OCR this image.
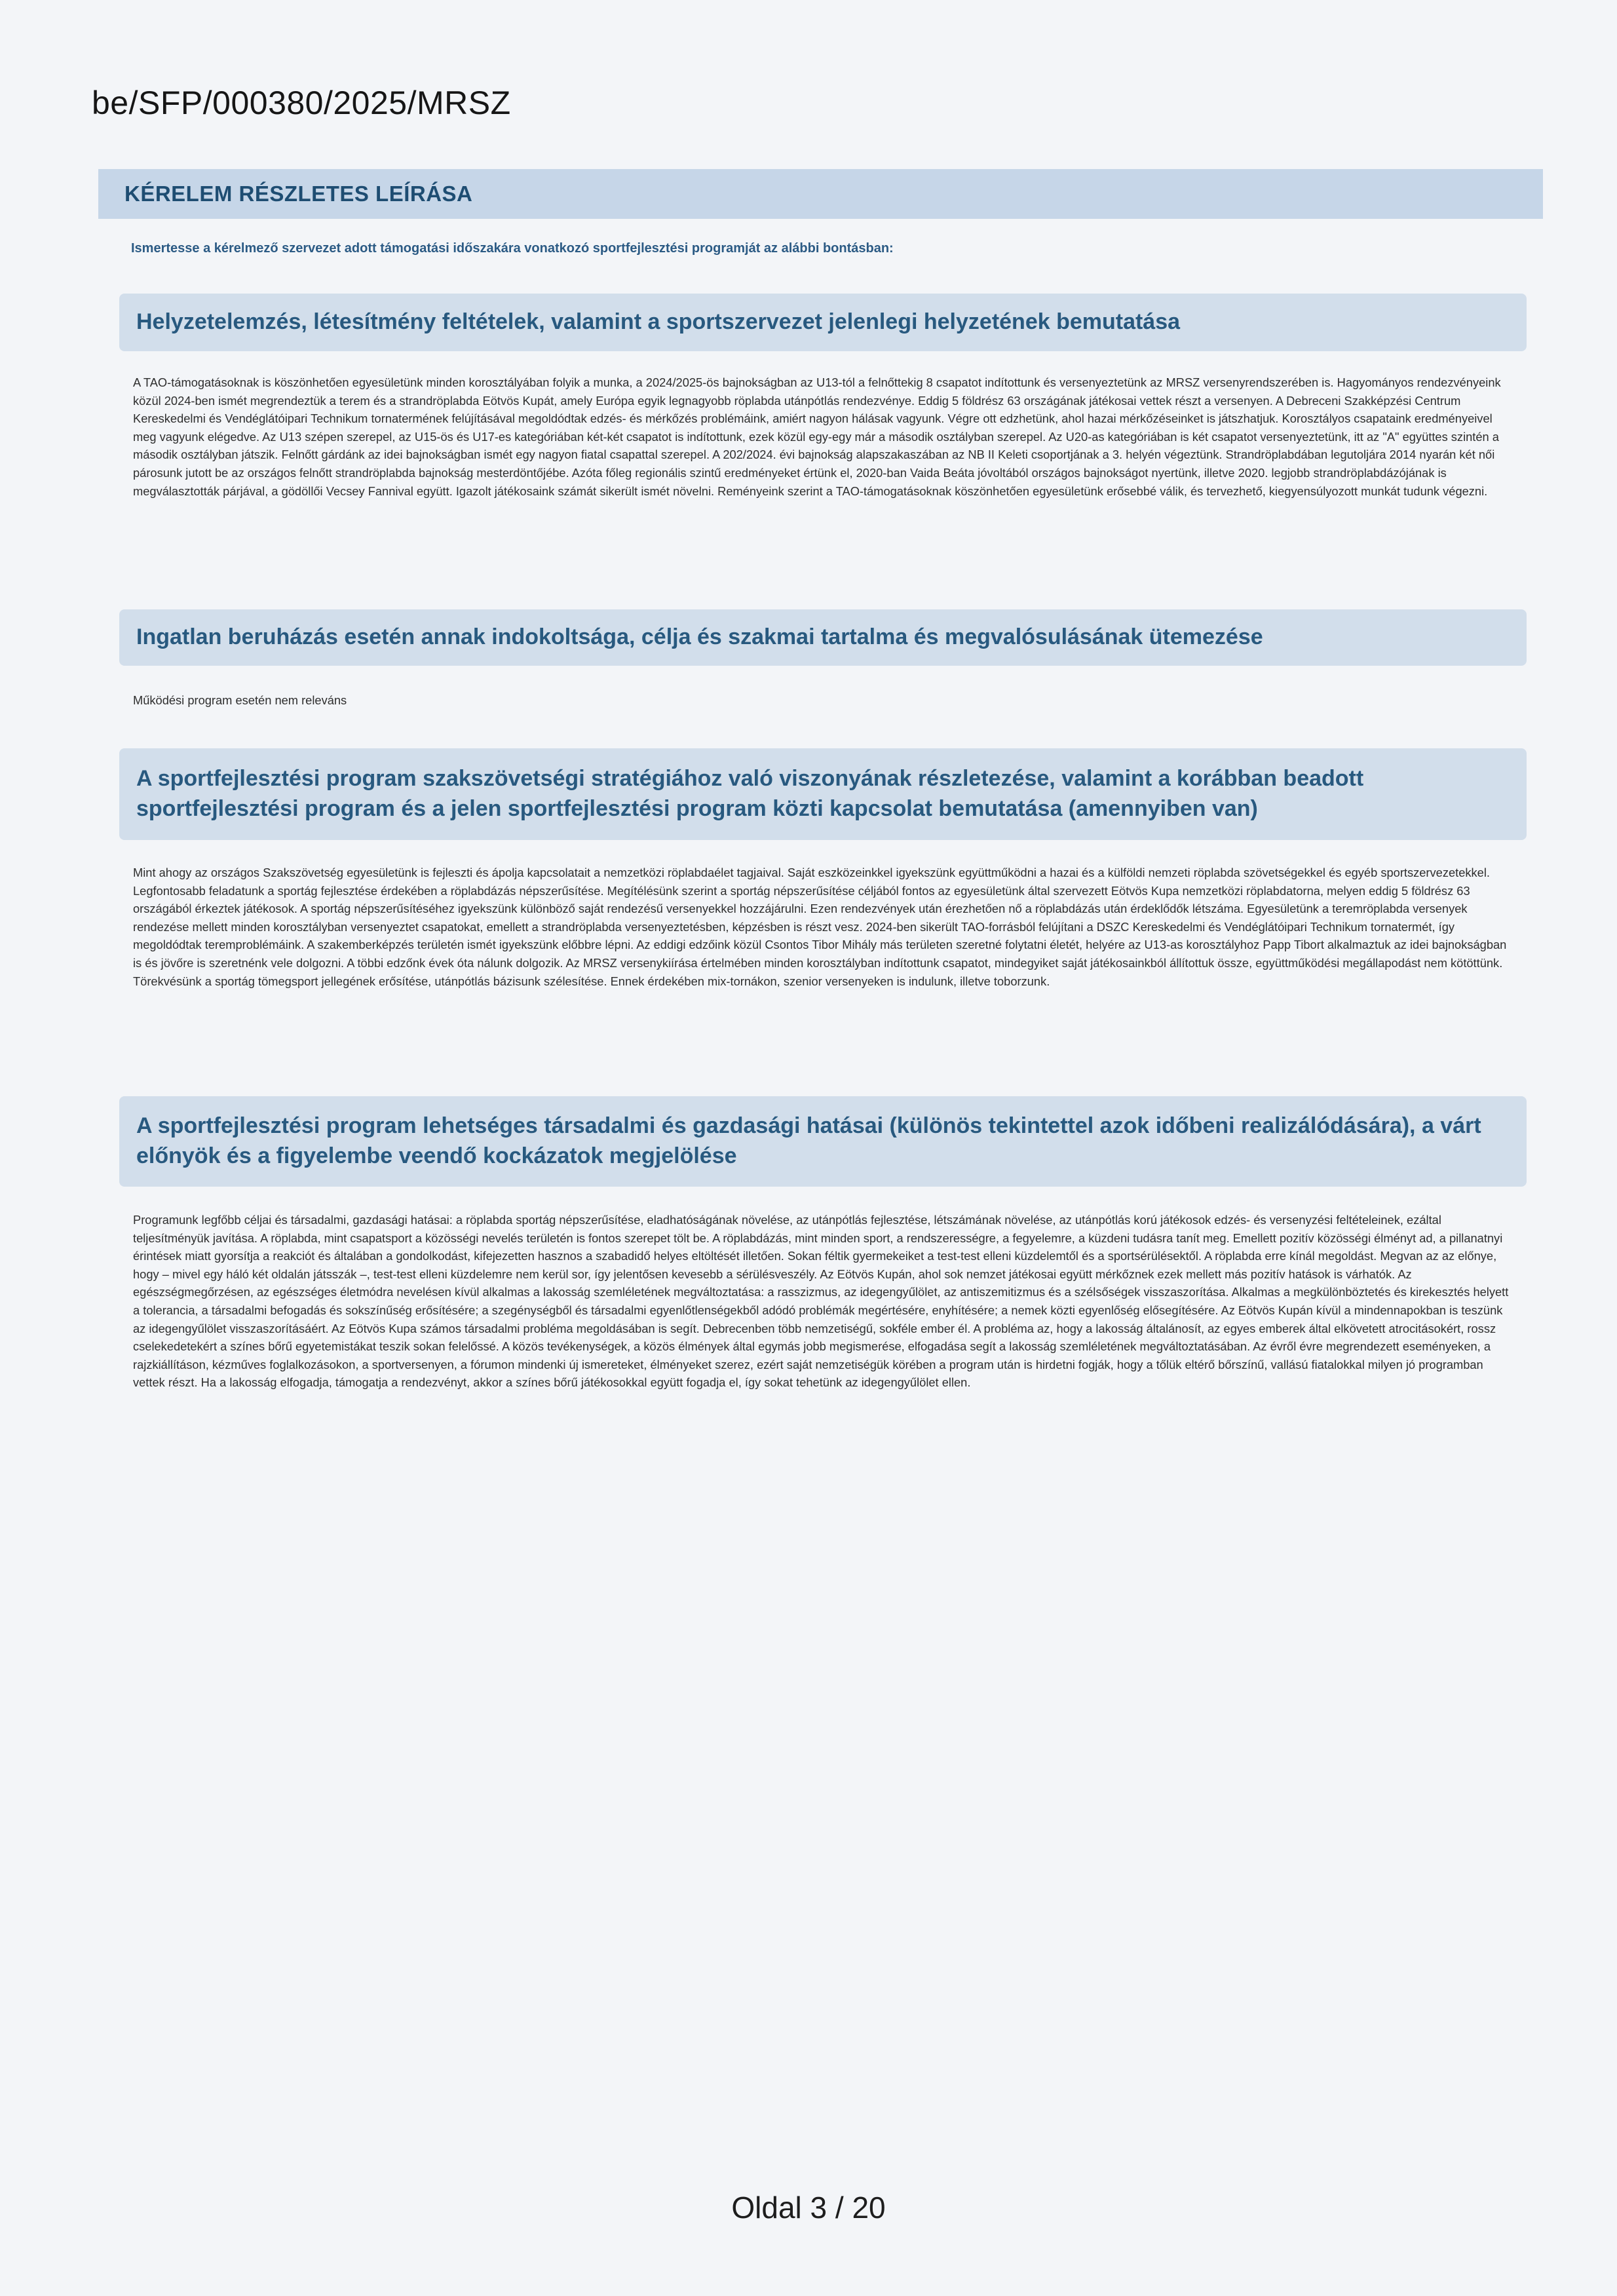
be/SFP/000380/2025/MRSZ
KÉRELEM RÉSZLETES LEÍRÁSA
Ismertesse a kérelmező szervezet adott támogatási időszakára vonatkozó sportfejlesztési programját az alábbi bontásban:
Helyzetelemzés, létesítmény feltételek, valamint a sportszervezet jelenlegi helyzetének bemutatása
A TAO-támogatásoknak is köszönhetően egyesületünk minden korosztályában folyik a munka, a 2024/2025-ös bajnokságban az U13-tól a felnőttekig 8 csapatot indítottunk és versenyeztetünk az MRSZ versenyrendszerében is. Hagyományos rendezvényeink közül 2024-ben ismét megrendeztük a terem és a strandröplabda Eötvös Kupát, amely Európa egyik legnagyobb röplabda utánpótlás rendezvénye. Eddig 5 földrész 63 országának játékosai vettek részt a versenyen. A Debreceni Szakképzési Centrum Kereskedelmi és Vendéglátóipari Technikum tornatermének felújításával megoldódtak edzés- és mérkőzés problémáink, amiért nagyon hálásak vagyunk. Végre ott edzhetünk, ahol hazai mérkőzéseinket is játszhatjuk. Korosztályos csapataink eredményeivel meg vagyunk elégedve. Az U13 szépen szerepel, az U15-ös és U17-es kategóriában két-két csapatot is indítottunk, ezek közül egy-egy már a második osztályban szerepel. Az U20-as kategóriában is két csapatot versenyeztetünk, itt az "A" együttes szintén a második osztályban játszik. Felnőtt gárdánk az idei bajnokságban ismét egy nagyon fiatal csapattal szerepel. A 202/2024. évi bajnokság alapszakaszában az NB II Keleti csoportjának a 3. helyén végeztünk. Strandröplabdában legutoljára 2014 nyarán két női párosunk jutott be az országos felnőtt strandröplabda bajnokság mesterdöntőjébe. Azóta főleg regionális szintű eredményeket értünk el, 2020-ban Vaida Beáta jóvoltából országos bajnokságot nyertünk, illetve 2020. legjobb strandröplabdázójának is megválasztották párjával, a gödöllői Vecsey Fannival együtt. Igazolt játékosaink számát sikerült ismét növelni. Reményeink szerint a TAO-támogatásoknak köszönhetően egyesületünk erősebbé válik, és tervezhető, kiegyensúlyozott munkát tudunk végezni.
Ingatlan beruházás esetén annak indokoltsága, célja és szakmai tartalma és megvalósulásának ütemezése
Működési program esetén nem releváns
A sportfejlesztési program szakszövetségi stratégiához való viszonyának részletezése, valamint a korábban beadott sportfejlesztési program és a jelen sportfejlesztési program közti kapcsolat bemutatása (amennyiben van)
Mint ahogy az országos Szakszövetség egyesületünk is fejleszti és ápolja kapcsolatait a nemzetközi röplabdaélet tagjaival. Saját eszközeinkkel igyekszünk együttműködni a hazai és a külföldi nemzeti röplabda szövetségekkel és egyéb sportszervezetekkel. Legfontosabb feladatunk a sportág fejlesztése érdekében a röplabdázás népszerűsítése. Megítélésünk szerint a sportág népszerűsítése céljából fontos az egyesületünk által szervezett Eötvös Kupa nemzetközi röplabdatorna, melyen eddig 5 földrész 63 országából érkeztek játékosok. A sportág népszerűsítéséhez igyekszünk különböző saját rendezésű versenyekkel hozzájárulni. Ezen rendezvények után érezhetően nő a röplabdázás után érdeklődők létszáma. Egyesületünk a teremröplabda versenyek rendezése mellett minden korosztályban versenyeztet csapatokat, emellett a strandröplabda versenyeztetésben, képzésben is részt vesz. 2024-ben sikerült TAO-forrásból felújítani a DSZC Kereskedelmi és Vendéglátóipari Technikum tornatermét, így megoldódtak teremproblémáink. A szakemberképzés területén ismét igyekszünk előbbre lépni. Az eddigi edzőink közül Csontos Tibor Mihály más területen szeretné folytatni életét, helyére az U13-as korosztályhoz Papp Tibort alkalmaztuk az idei bajnokságban is és jövőre is szeretnénk vele dolgozni. A többi edzőnk évek óta nálunk dolgozik. Az MRSZ versenykiírása értelmében minden korosztályban indítottunk csapatot, mindegyiket saját játékosainkból állítottuk össze, együttműködési megállapodást nem kötöttünk. Törekvésünk a sportág tömegsport jellegének erősítése, utánpótlás bázisunk szélesítése. Ennek érdekében mix-tornákon, szenior versenyeken is indulunk, illetve toborzunk.
A sportfejlesztési program lehetséges társadalmi és gazdasági hatásai (különös tekintettel azok időbeni realizálódására), a várt előnyök és a figyelembe veendő kockázatok megjelölése
Programunk legfőbb céljai és társadalmi, gazdasági hatásai: a röplabda sportág népszerűsítése, eladhatóságának növelése, az utánpótlás fejlesztése, létszámának növelése, az utánpótlás korú játékosok edzés- és versenyzési feltételeinek, ezáltal teljesítményük javítása. A röplabda, mint csapatsport a közösségi nevelés területén is fontos szerepet tölt be. A röplabdázás, mint minden sport, a rendszerességre, a fegyelemre, a küzdeni tudásra tanít meg. Emellett pozitív közösségi élményt ad, a pillanatnyi érintések miatt gyorsítja a reakciót és általában a gondolkodást, kifejezetten hasznos a szabadidő helyes eltöltését illetően. Sokan féltik gyermekeiket a test-test elleni küzdelemtől és a sportsérülésektől. A röplabda erre kínál megoldást. Megvan az az előnye, hogy – mivel egy háló két oldalán játsszák –, test-test elleni küzdelemre nem kerül sor, így jelentősen kevesebb a sérülésveszély. Az Eötvös Kupán, ahol sok nemzet játékosai együtt mérkőznek ezek mellett más pozitív hatások is várhatók. Az egészségmegőrzésen, az egészséges életmódra nevelésen kívül alkalmas a lakosság szemléletének megváltoztatása: a rasszizmus, az idegengyűlölet, az antiszemitizmus és a szélsőségek visszaszorítása. Alkalmas a megkülönböztetés és kirekesztés helyett a tolerancia, a társadalmi befogadás és sokszínűség erősítésére; a szegénységből és társadalmi egyenlőtlenségekből adódó problémák megértésére, enyhítésére; a nemek közti egyenlőség elősegítésére. Az Eötvös Kupán kívül a mindennapokban is teszünk az idegengyűlölet visszaszorításáért. Az Eötvös Kupa számos társadalmi probléma megoldásában is segít. Debrecenben több nemzetiségű, sokféle ember él. A probléma az, hogy a lakosság általánosít, az egyes emberek által elkövetett atrocitásokért, rossz cselekedetekért a színes bőrű egyetemistákat teszik sokan felelőssé. A közös tevékenységek, a közös élmények által egymás jobb megismerése, elfogadása segít a lakosság szemléletének megváltoztatásában. Az évről évre megrendezett eseményeken, a rajzkiállításon, kézműves foglalkozásokon, a sportversenyen, a fórumon mindenki új ismereteket, élményeket szerez, ezért saját nemzetiségük körében a program után is hirdetni fogják, hogy a tőlük eltérő bőrszínű, vallású fiatalokkal milyen jó programban vettek részt. Ha a lakosság elfogadja, támogatja a rendezvényt, akkor a színes bőrű játékosokkal együtt fogadja el, így sokat tehetünk az idegengyűlölet ellen.
Oldal 3 / 20
